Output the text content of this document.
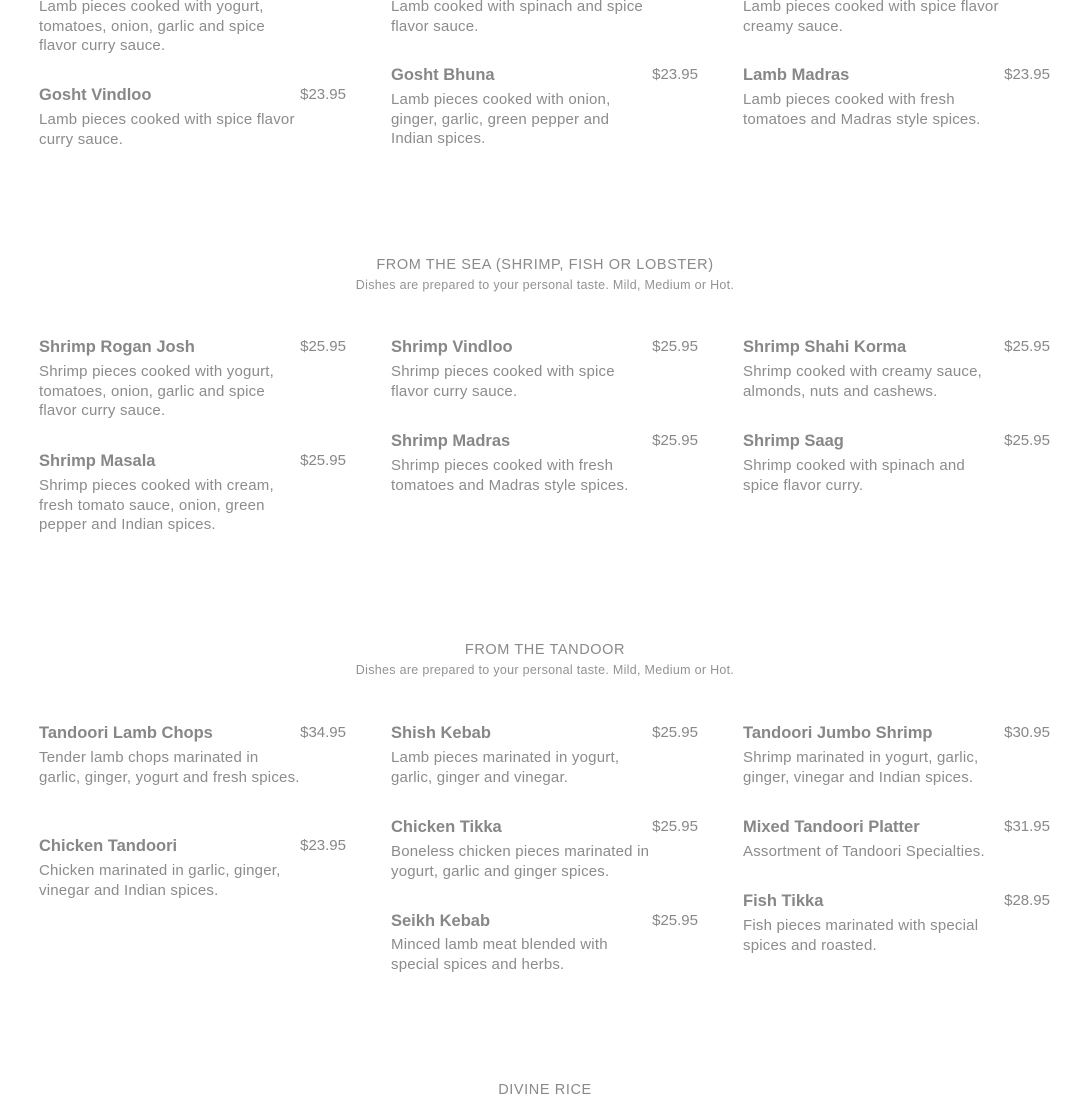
Lamb pieces cooked with yogurt, tomatoes, onion, garlic and spice flavor curry sauce.
Gosht Vindloo	$23.95
Lamb pieces cooked with spice flavor curry sauce.
Lamb cooked with spinach and spice flavor sauce.
Gosht Bhuna	$23.95
Lamb pieces cooked with onion, ginger, garlic, green pepper and Indian spices.
Lamb pieces cooked with spice flavor creamy sauce.
Lamb Madras	$23.95
Lamb pieces cooked with fresh tomatoes and Madras style spices.
FROM THE SEA (SHRIMP, FISH OR LOBSTER)
Dishes are prepared to your personal taste. Mild, Medium or Hot.
Shrimp Rogan Josh	$25.95
Shrimp pieces cooked with yogurt, tomatoes, onion, garlic and spice flavor curry sauce.
Shrimp Masala	$25.95
Shrimp pieces cooked with cream, fresh tomato sauce, onion, green pepper and Indian spices.
Shrimp Vindloo	$25.95
Shrimp pieces cooked with spice flavor curry sauce.
Shrimp Madras	$25.95
Shrimp pieces cooked with fresh tomatoes and Madras style spices.
Shrimp Shahi Korma	$25.95
Shrimp cooked with creamy sauce, almonds, nuts and cashews.
Shrimp Saag	$25.95
Shrimp cooked with spinach and spice flavor curry.
FROM THE TANDOOR
Dishes are prepared to your personal taste. Mild, Medium or Hot.
Tandoori Lamb Chops	$34.95
Tender lamb chops marinated in garlic, ginger, yogurt and fresh spices.
Chicken Tandoori	$23.95
Chicken marinated in garlic, ginger, vinegar and Indian spices.
Shish Kebab	$25.95
Lamb pieces marinated in yogurt, garlic, ginger and vinegar.
Chicken Tikka	$25.95
Boneless chicken pieces marinated in yogurt, garlic and ginger spices.
Seikh Kebab	$25.95
Minced lamb meat blended with special spices and herbs.
Tandoori Jumbo Shrimp	$30.95
Shrimp marinated in yogurt, garlic, ginger, vinegar and Indian spices.
Mixed Tandoori Platter	$31.95
Assortment of Tandoori Specialties.
Fish Tikka	$28.95
Fish pieces marinated with special spices and roasted.
DIVINE RICE
